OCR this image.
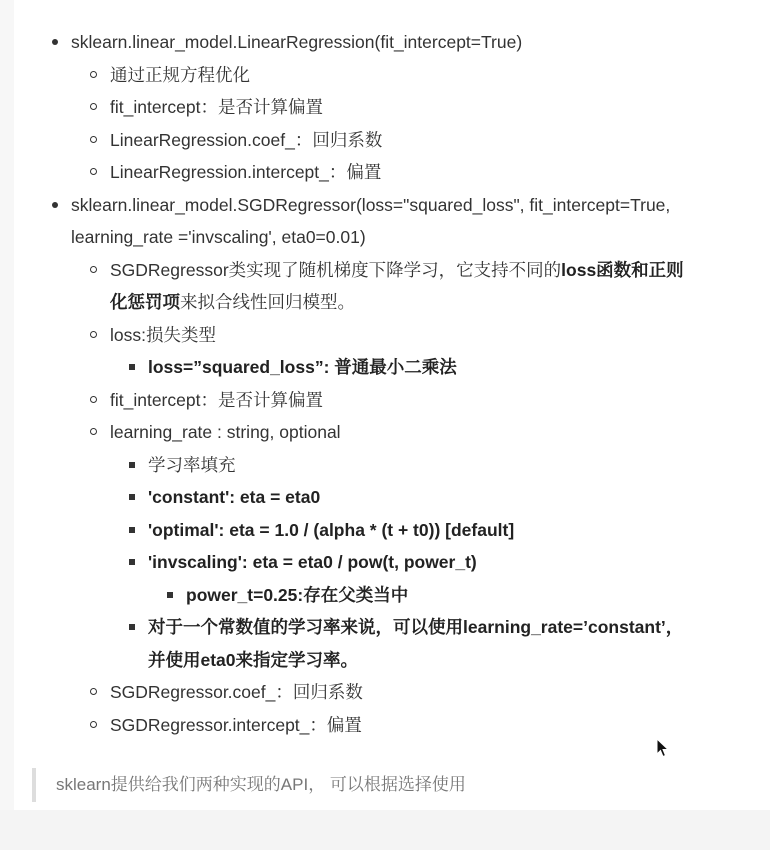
sklearn.linear_model.LinearRegression(fit_intercept=True)
通过正规方程优化
fit_intercept：是否计算偏置
LinearRegression.coef_：回归系数
LinearRegression.intercept_：偏置
sklearn.linear_model.SGDRegressor(loss="squared_loss", fit_intercept=True,
learning_rate ='invscaling', eta0=0.01)
SGDRegressor类实现了随机梯度下降学习，它支持不同的loss函数和正则
化惩罚项来拟合线性回归模型。
loss:损失类型
loss=”squared_loss”: 普通最小二乘法
fit_intercept：是否计算偏置
learning_rate : string, optional
学习率填充
'constant': eta = eta0
'optimal': eta = 1.0 / (alpha * (t + t0)) [default]
'invscaling': eta = eta0 / pow(t, power_t)
power_t=0.25:存在父类当中
对于一个常数值的学习率来说，可以使用learning_rate=’constant’，
并使用eta0来指定学习率。
SGDRegressor.coef_：回归系数
SGDRegressor.intercept_：偏置
sklearn提供给我们两种实现的API， 可以根据选择使用
